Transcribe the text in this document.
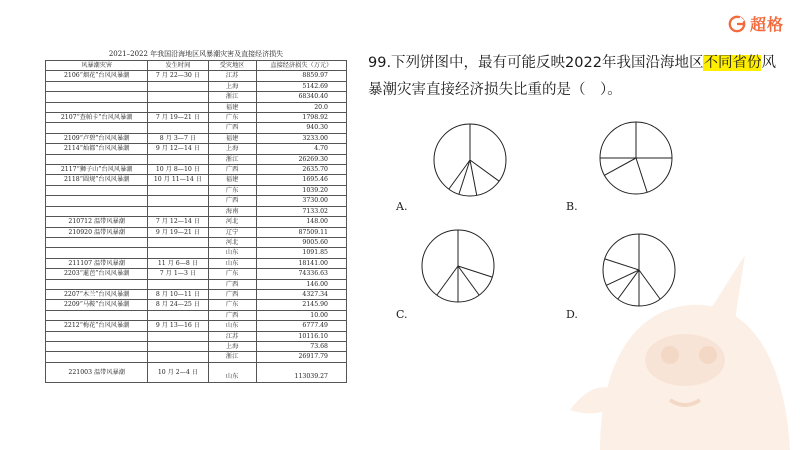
超格
2021–2022 年我国沿海地区风暴潮灾害及直接经济损失
风暴潮灾害	发生时间	受灾地区	直接经济损失（万元）
2106“烟花”台风风暴潮	7 月 22—30 日	江苏	8859.97
		上海	5142.69
		浙江	68340.40
		福建	20.0
2107“查帕卡”台风风暴潮	7 月 19—21 日	广东	1798.92
		广西	940.30
2109“卢碧”台风风暴潮	8 月 3—7 日	福建	3233.00
2114“灿都”台风风暴潮	9 月 12—14 日	上海	4.70
		浙江	26269.30
2117“狮子山”台风风暴潮	10 月 8—10 日	广西	2635.70
2118“圆规”台风风暴潮	10 月 11—14 日	福建	1695.46
		广东	1039.20
		广西	3730.00
		海南	7133.02
210712 温带风暴潮	7 月 12—14 日	河北	148.00
210920 温带风暴潮	9 月 19—21 日	辽宁	87509.11
		河北	9005.60
		山东	1091.85
211107 温带风暴潮	11 月 6—8 日	山东	18141.00
2203“暹芭”台风风暴潮	7 月 1—3 日	广东	74336.63
		广西	146.00
2207“木兰”台风风暴潮	8 月 10—11 日	广西	4327.34
2209“马鞍”台风风暴潮	8 月 24—25 日	广东	2145.90
		广西	10.00
2212“梅花”台风风暴潮	9 月 13—16 日	山东	6777.49
		江苏	10116.10
		上海	73.68
		浙江	26917.79
221003 温带风暴潮	10 月 2—4 日	山东	113039.27
99.下列饼图中，最有可能反映2022年我国沿海地区不同省份风暴潮灾害直接经济损失比重的是（　）。
A.	B.
C.	D.
